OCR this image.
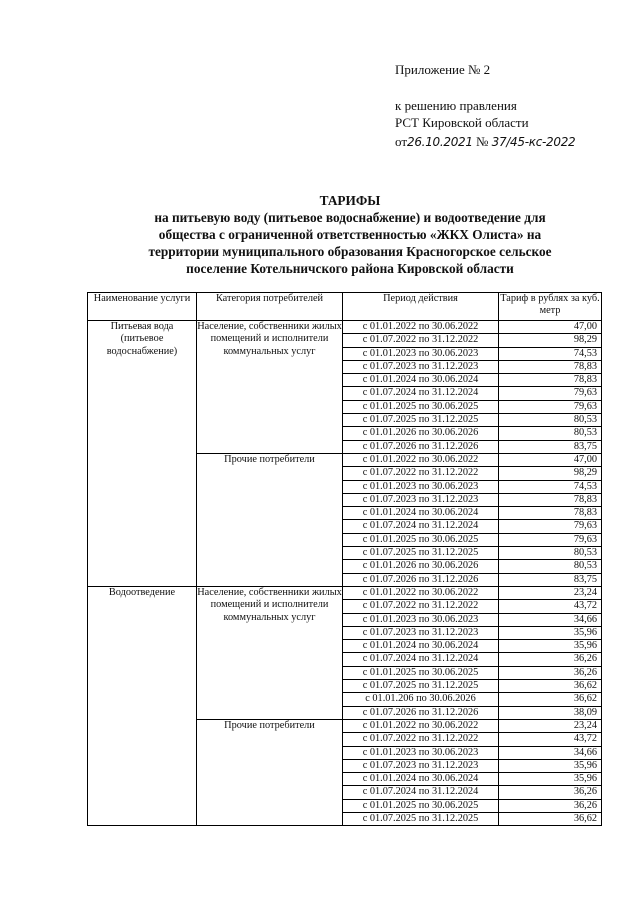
Приложение № 2
к решению правления
РСТ Кировской области
от26.10.2021 № 37/45-кс-2022
ТАРИФЫ
на питьевую воду (питьевое водоснабжение) и водоотведение для
общества с ограниченной ответственностью «ЖКХ Олиста» на
территории муниципального образования Красногорское сельское
поселение Котельничского района Кировской области
Наименование услуги	Категория потребителей	Период действия	Тариф в рублях за куб. метр
Питьевая вода (питьевое водоснабжение)	Население, собственники жилых помещений и исполнители коммунальных услуг	с 01.01.2022 по 30.06.2022	47,00
		с 01.07.2022 по 31.12.2022	98,29
		с 01.01.2023 по 30.06.2023	74,53
		с 01.07.2023 по 31.12.2023	78,83
		с 01.01.2024 по 30.06.2024	78,83
		с 01.07.2024 по 31.12.2024	79,63
		с 01.01.2025 по 30.06.2025	79,63
		с 01.07.2025 по 31.12.2025	80,53
		с 01.01.2026 по 30.06.2026	80,53
		с 01.07.2026 по 31.12.2026	83,75
	Прочие потребители	с 01.01.2022 по 30.06.2022	47,00
		с 01.07.2022 по 31.12.2022	98,29
		с 01.01.2023 по 30.06.2023	74,53
		с 01.07.2023 по 31.12.2023	78,83
		с 01.01.2024 по 30.06.2024	78,83
		с 01.07.2024 по 31.12.2024	79,63
		с 01.01.2025 по 30.06.2025	79,63
		с 01.07.2025 по 31.12.2025	80,53
		с 01.01.2026 по 30.06.2026	80,53
		с 01.07.2026 по 31.12.2026	83,75
Водоотведение	Население, собственники жилых помещений и исполнители коммунальных услуг	с 01.01.2022 по 30.06.2022	23,24
		с 01.07.2022 по 31.12.2022	43,72
		с 01.01.2023 по 30.06.2023	34,66
		с 01.07.2023 по 31.12.2023	35,96
		с 01.01.2024 по 30.06.2024	35,96
		с 01.07.2024 по 31.12.2024	36,26
		с 01.01.2025 по 30.06.2025	36,26
		с 01.07.2025 по 31.12.2025	36,62
		с 01.01.206 по 30.06.2026	36,62
		с 01.07.2026 по 31.12.2026	38,09
	Прочие потребители	с 01.01.2022 по 30.06.2022	23,24
		с 01.07.2022 по 31.12.2022	43,72
		с 01.01.2023 по 30.06.2023	34,66
		с 01.07.2023 по 31.12.2023	35,96
		с 01.01.2024 по 30.06.2024	35,96
		с 01.07.2024 по 31.12.2024	36,26
		с 01.01.2025 по 30.06.2025	36,26
		с 01.07.2025 по 31.12.2025	36,62
